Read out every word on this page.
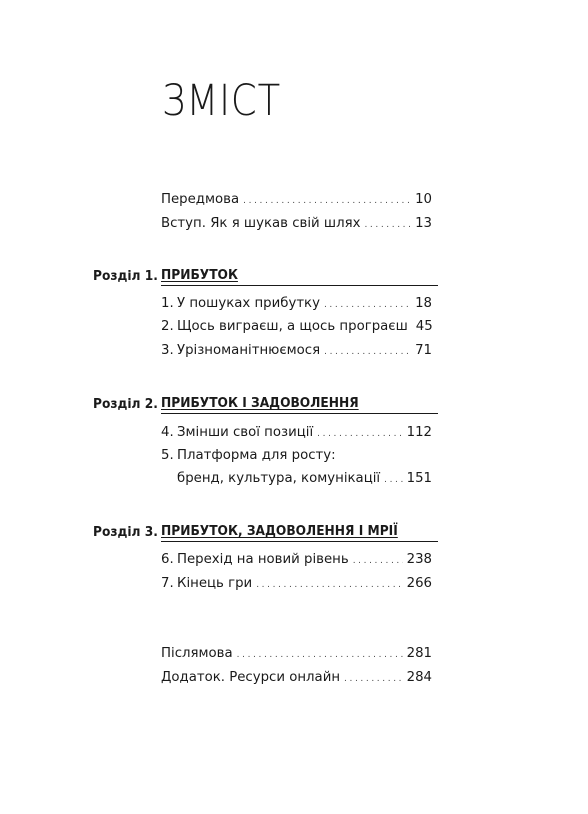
ЗМІСТ
Передмова .....	10
Вступ. Як я шукав свій шлях .....	13
Розділ 1. ПРИБУТОК
1. У пошуках прибутку .....	18
2. Щось виграєш, а щось програєш 45
3. Урізноманітнюємося .....	71
Розділ 2. ПРИБУТОК І ЗАДОВОЛЕННЯ
4. Змінши свої позиції .....	112
5. Платформа для росту:
бренд, культура, комунікації ..... 151
Розділ 3. ПРИБУТОК, ЗАДОВОЛЕННЯ І МРІЇ
6. Перехід на новий рівень .....	238
7. Кінець гри .....	266
Післямова .....	281
Додаток. Ресурси онлайн .....	284
